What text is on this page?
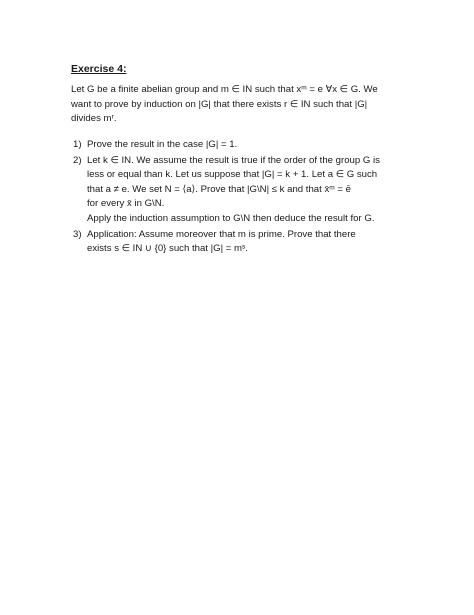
Exercise 4:
Let G be a finite abelian group and m ∈ IN such that xᵐ = e ∀x ∈ G. We
want to prove by induction on |G| that there exists r ∈ IN such that |G|
divides mʳ.
1) Prove the result in the case |G| = 1.
2) Let k ∈ IN. We assume the result is true if the order of the group G is
less or equal than k. Let us suppose that |G| = k + 1. Let a ∈ G such
that a ≠ e. We set N = ⟨a⟩. Prove that |G\N| ≤ k and that x̄ᵐ = ē
for every x̄ in G\N.
Apply the induction assumption to G\N then deduce the result for G.
3) Application: Assume moreover that m is prime. Prove that there
exists s ∈ IN ∪ {0} such that |G| = mˢ.
